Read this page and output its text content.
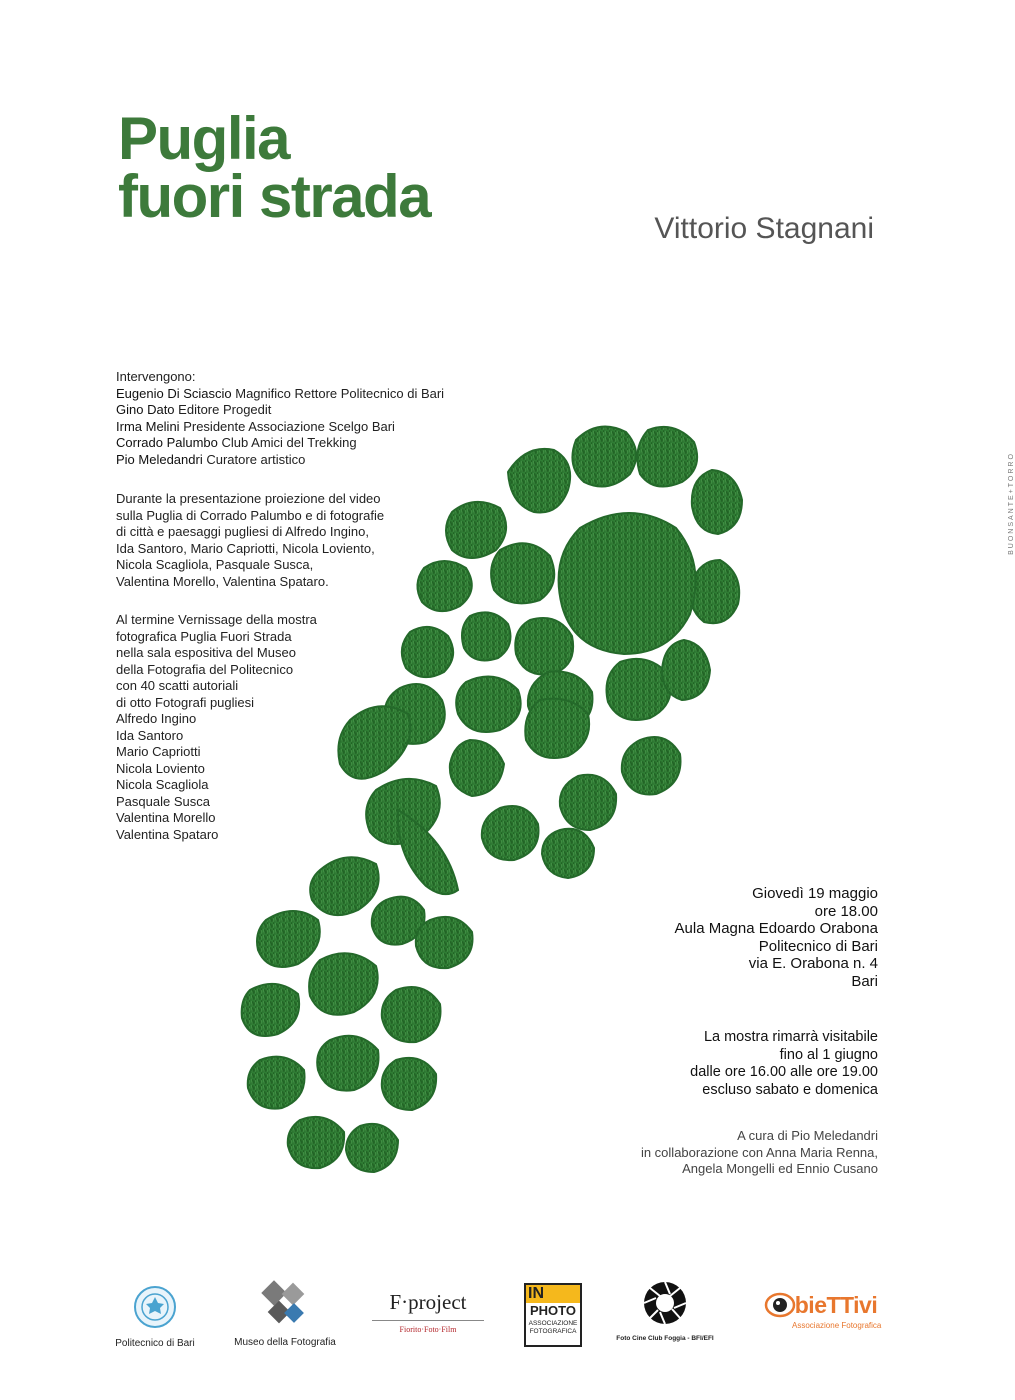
Puglia
fuori strada	Vittorio Stagnani
BUONSANTE+TORRO
Intervengono:
Eugenio Di Sciascio Magnifico Rettore Politecnico di Bari
Gino Dato Editore Progedit
Irma Melini Presidente Associazione Scelgo Bari
Corrado Palumbo Club Amici del Trekking
Pio Meledandri Curatore artistico
Durante la presentazione proiezione del video
sulla Puglia di Corrado Palumbo e di fotografie
di città e paesaggi pugliesi di Alfredo Ingino,
Ida Santoro, Mario Capriotti, Nicola Loviento,
Nicola Scagliola, Pasquale Susca,
Valentina Morello, Valentina Spataro.
Al termine Vernissage della mostra
fotografica Puglia Fuori Strada
nella sala espositiva del Museo
della Fotografia del Politecnico
con 40 scatti autoriali
di otto Fotografi pugliesi
Alfredo Ingino
Ida Santoro
Mario Capriotti
Nicola Loviento
Nicola Scagliola
Pasquale Susca
Valentina Morello
Valentina Spataro
Giovedì 19 maggio
ore 18.00
Aula Magna Edoardo Orabona
Politecnico di Bari
via E. Orabona n. 4
Bari
La mostra rimarrà visitabile
fino al 1 giugno
dalle ore 16.00 alle ore 19.00
escluso sabato e domenica
A cura di Pio Meledandri
in collaborazione con Anna Maria Renna,
Angela Mongelli ed Ennio Cusano
Politecnico di Bari	Museo della Fotografia
F·project
Fiorito·Foto·Film
IN
PHOTO
ASSOCIAZIONE
FOTOGRAFICA
Foto Cine Club Foggia - BFI/EFI
bieTTivi
Associazione Fotografica
